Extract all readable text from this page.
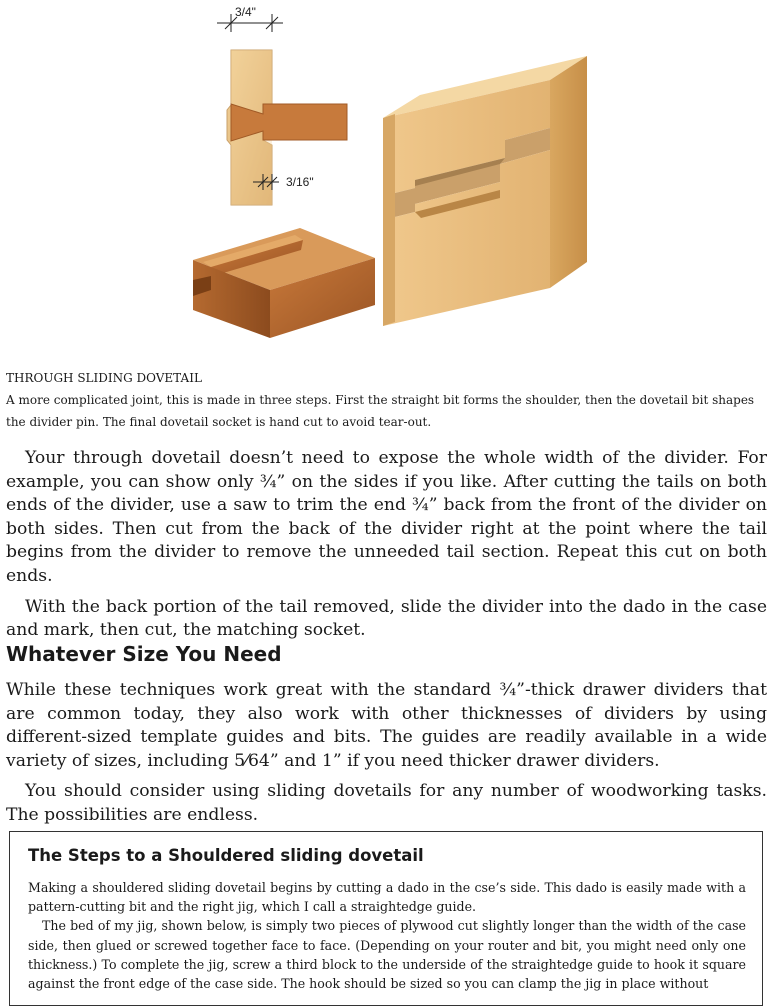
3/4"
3/16"
THROUGH SLIDING DOVETAIL
A more complicated joint, this is made in three steps. First the straight bit forms the shoulder, then the dovetail bit shapes the divider pin. The final dovetail socket is hand cut to avoid tear-out.

Your through dovetail doesn’t need to expose the whole width of the divider. For example, you can show only ¾” on the sides if you like. After cutting the tails on both ends of the divider, use a saw to trim the end ¾” back from the front of the divider on both sides. Then cut from the back of the divider right at the point where the tail begins from the divider to remove the unneeded tail section. Repeat this cut on both ends.

With the back portion of the tail removed, slide the divider into the dado in the case and mark, then cut, the matching socket.

Whatever Size You Need

While these techniques work great with the standard ¾”-thick drawer dividers that are common today, they also work with other thicknesses of dividers by using different-sized template guides and bits. The guides are readily available in a wide variety of sizes, including 5⁄64” and 1” if you need thicker drawer dividers.

You should consider using sliding dovetails for any number of woodworking tasks. The possibilities are endless.

The Steps to a Shouldered sliding dovetail

Making a shouldered sliding dovetail begins by cutting a dado in the cse’s side. This dado is easily made with a pattern-cutting bit and the right jig, which I call a straightedge guide.

The bed of my jig, shown below, is simply two pieces of plywood cut slightly longer than the width of the case side, then glued or screwed together face to face. (Depending on your router and bit, you might need only one thickness.) To complete the jig, screw a third block to the underside of the straightedge guide to hook it square against the front edge of the case side. The hook should be sized so you can clamp the jig in place without
